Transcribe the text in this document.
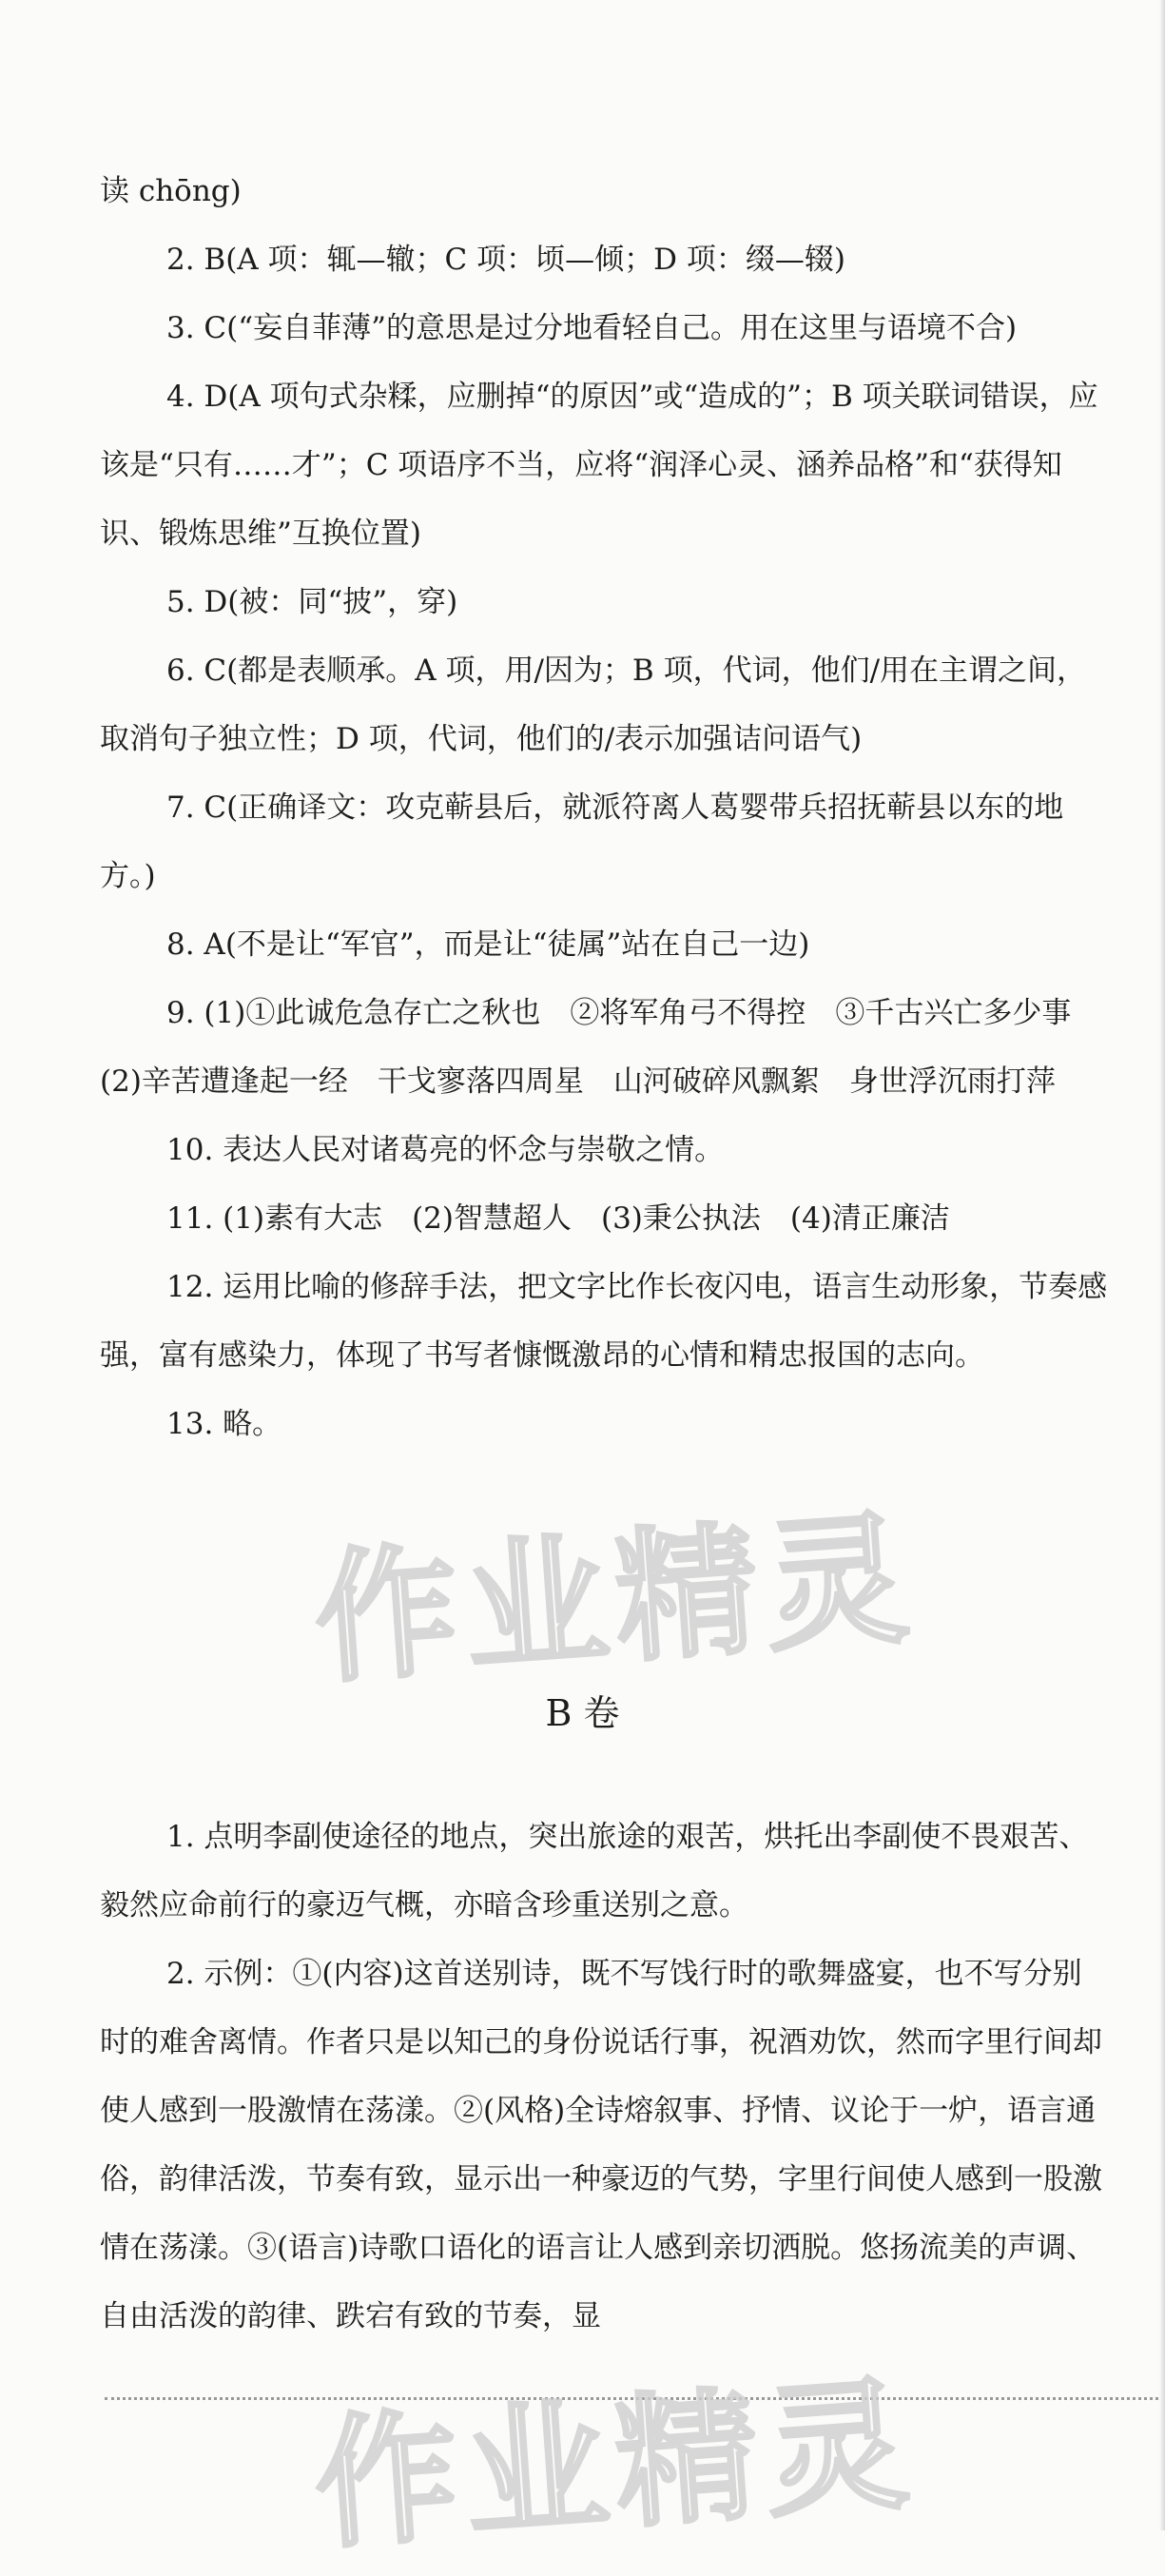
读 chōng)

2. B(A 项：辄—辙；C 项：顷—倾；D 项：缀—辍)

3. C(“妄自菲薄”的意思是过分地看轻自己。用在这里与语境不合)

4. D(A 项句式杂糅，应删掉“的原因”或“造成的”；B 项关联词错误，应该是“只有……才”；C 项语序不当，应将“润泽心灵、涵养品格”和“获得知识、锻炼思维”互换位置)

5. D(被：同“披”，穿)

6. C(都是表顺承。A 项，用/因为；B 项，代词，他们/用在主谓之间，取消句子独立性；D 项，代词，他们的/表示加强诘问语气)

7. C(正确译文：攻克蕲县后，就派符离人葛婴带兵招抚蕲县以东的地方。)

8. A(不是让“军官”，而是让“徒属”站在自己一边)

9. (1)①此诚危急存亡之秋也　②将军角弓不得控　③千古兴亡多少事　(2)辛苦遭逢起一经　干戈寥落四周星　山河破碎风飘絮　身世浮沉雨打萍

10. 表达人民对诸葛亮的怀念与崇敬之情。

11. (1)素有大志　(2)智慧超人　(3)秉公执法　(4)清正廉洁

12. 运用比喻的修辞手法，把文字比作长夜闪电，语言生动形象，节奏感强，富有感染力，体现了书写者慷慨激昂的心情和精忠报国的志向。

13. 略。

作业精灵
B 卷

1. 点明李副使途径的地点，突出旅途的艰苦，烘托出李副使不畏艰苦、毅然应命前行的豪迈气概，亦暗含珍重送别之意。

2. 示例：①(内容)这首送别诗，既不写饯行时的歌舞盛宴，也不写分别时的难舍离情。作者只是以知己的身份说话行事，祝酒劝饮，然而字里行间却使人感到一股激情在荡漾。②(风格)全诗熔叙事、抒情、议论于一炉，语言通俗，韵律活泼，节奏有致，显示出一种豪迈的气势，字里行间使人感到一股激情在荡漾。③(语言)诗歌口语化的语言让人感到亲切洒脱。悠扬流美的声调、自由活泼的韵律、跌宕有致的节奏，显

作业精灵
